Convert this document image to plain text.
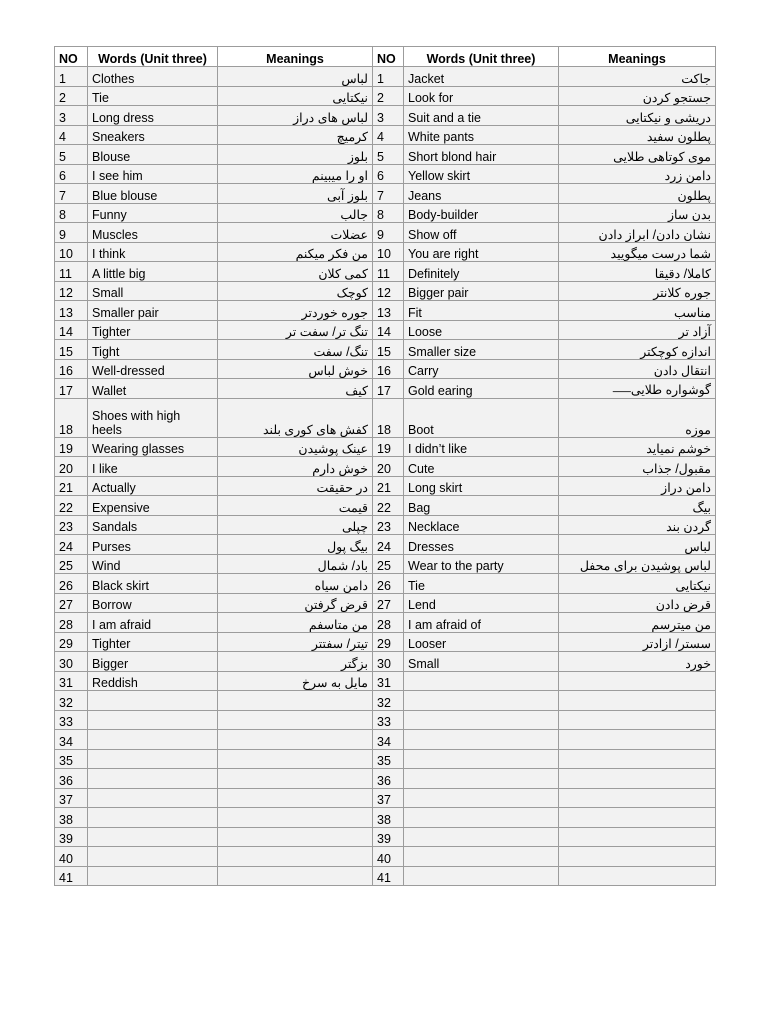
NO	Words (Unit three)	Meanings	NO	Words (Unit three)	Meanings
1	Clothes	لباس	1	Jacket	جاکت
2	Tie	نیکتایی	2	Look for	جستجو کردن
3	Long dress	لباس های دراز	3	Suit and a tie	دریشی و نیکتایی
4	Sneakers	کرمیچ	4	White pants	پطلون سفید
5	Blouse	بلوز	5	Short blond hair	موی کوتاهی طلایی
6	I see him	او را میبینم	6	Yellow skirt	دامن زرد
7	Blue blouse	بلوز آبی	7	Jeans	پطلون
8	Funny	جالب	8	Body-builder	بدن ساز
9	Muscles	عضلات	9	Show off	نشان دادن/ ابراز دادن
10	I think	من فکر میکنم	10	You are right	شما درست میگویید
11	A little big	کمی کلان	11	Definitely	کاملا/ دقیقا
12	Small	کوچک	12	Bigger pair	جوره کلانتر
13	Smaller pair	جوره خوردتر	13	Fit	مناسب
14	Tighter	تنگ تر/ سفت تر	14	Loose	آزاد تر
15	Tight	تنگ/ سفت	15	Smaller size	اندازه کوچکتر
16	Well-dressed	خوش لباس	16	Carry	انتقال دادن
17	Wallet	کیف	17	Gold earing	گوشواره طلایی——
18	Shoes with high heels	کفش های کوری بلند	18	Boot	موزه
19	Wearing glasses	عینک پوشیدن	19	I didn’t like	خوشم نمیاید
20	I like	خوش دارم	20	Cute	مقبول/ جذاب
21	Actually	در حقیقت	21	Long skirt	دامن دراز
22	Expensive	قیمت	22	Bag	بیگ
23	Sandals	چپلی	23	Necklace	گردن بند
24	Purses	بیگ پول	24	Dresses	لباس
25	Wind	باد/ شمال	25	Wear to the party	لباس پوشیدن برای محفل
26	Black skirt	دامن سیاه	26	Tie	نیکتایی
27	Borrow	قرض گرفتن	27	Lend	قرض دادن
28	I am afraid	من متاسفم	28	I am afraid of	من میترسم
29	Tighter	تیتر/ سفتتر	29	Looser	سستر/ ازادتر
30	Bigger	بزگتر	30	Small	خورد
31	Reddish	مایل به سرخ	31		
32			32		
33			33		
34			34		
35			35		
36			36		
37			37		
38			38		
39			39		
40			40		
41			41		
